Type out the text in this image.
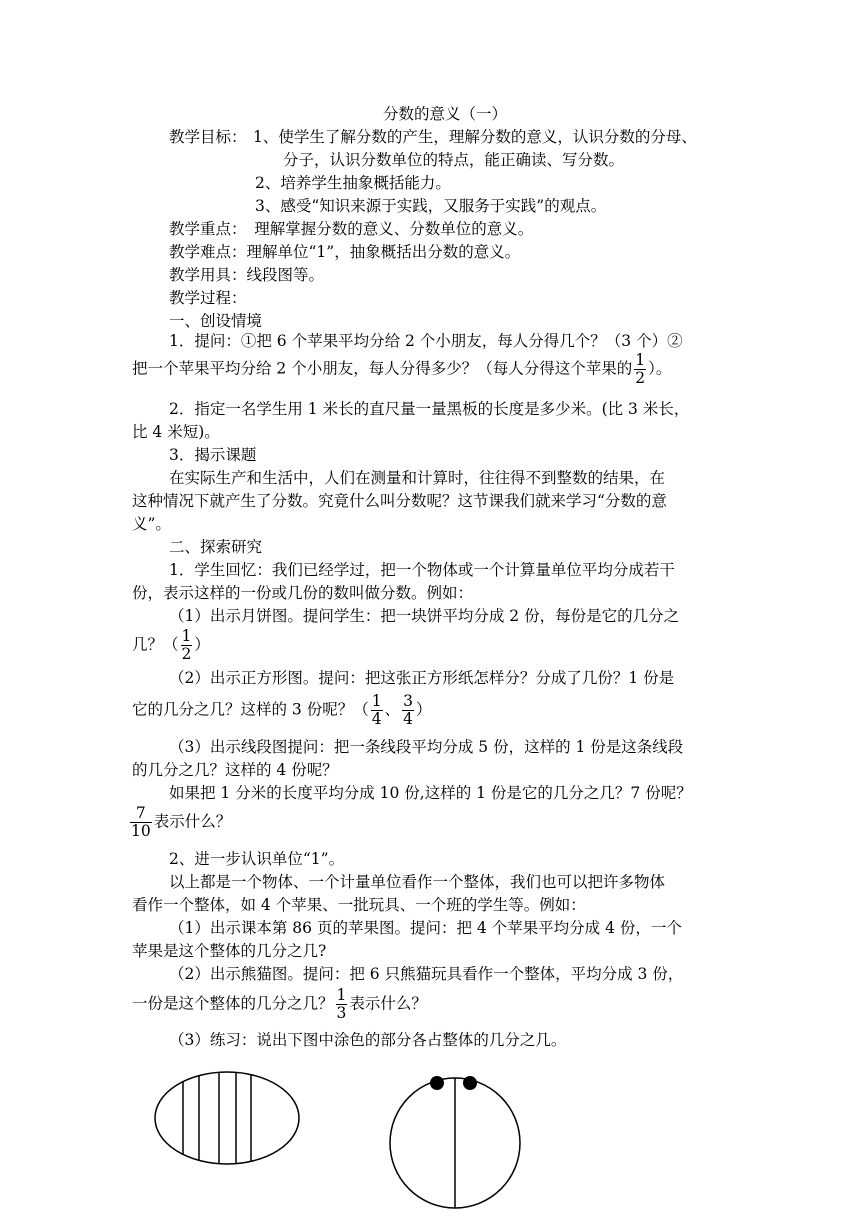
分数的意义（一）
教学目标： 1、使学生了解分数的产生，理解分数的意义，认识分数的分母、
分子，认识分数单位的特点，能正确读、写分数。
2、培养学生抽象概括能力。
3、感受“知识来源于实践，又服务于实践”的观点。
教学重点：　理解掌握分数的意义、分数单位的意义。
教学难点：理解单位“1”，抽象概括出分数的意义。
教学用具：线段图等。
教学过程：
一、创设情境
1．提问：①把 6 个苹果平均分给 2 个小朋友，每人分得几个？（3 个）②
把一个苹果平均分给 2 个小朋友，每人分得多少？（每人分得这个苹果的 $\frac{1}{2}$ ）。
2．指定一名学生用 1 米长的直尺量一量黑板的长度是多少米。(比 3 米长，
比 4 米短)。
3．揭示课题
在实际生产和生活中，人们在测量和计算时，往往得不到整数的结果，在
这种情况下就产生了分数。究竟什么叫分数呢？这节课我们就来学习“分数的意
义”。
二、探索研究
1．学生回忆：我们已经学过，把一个物体或一个计算量单位平均分成若干
份，表示这样的一份或几份的数叫做分数。例如：
（1）出示月饼图。提问学生：把一块饼平均分成 2 份，每份是它的几分之
几？（ $\frac{1}{2}$ ）
（2）出示正方形图。提问：把这张正方形纸怎样分？分成了几份？1 份是
它的几分之几？这样的 3 份呢？（ $\frac{1}{4}$ 、 $\frac{3}{4}$ ）
（3）出示线段图提问：把一条线段平均分成 5 份，这样的 1 份是这条线段
的几分之几？这样的 4 份呢？
如果把 1 分米的长度平均分成 10 份,这样的 1 份是它的几分之几？7 份呢？
$\frac{7}{10}$ 表示什么？
2、进一步认识单位“1”。
以上都是一个物体、一个计量单位看作一个整体，我们也可以把许多物体
看作一个整体，如 4 个苹果、一批玩具、一个班的学生等。例如：
（1）出示课本第 86 页的苹果图。提问：把 4 个苹果平均分成 4 份，一个
苹果是这个整体的几分之几?
（2）出示熊猫图。提问：把 6 只熊猫玩具看作一个整体，平均分成 3 份，
一份是这个整体的几分之几？ $\frac{1}{3}$ 表示什么？
（3）练习：说出下图中涂色的部分各占整体的几分之几。
